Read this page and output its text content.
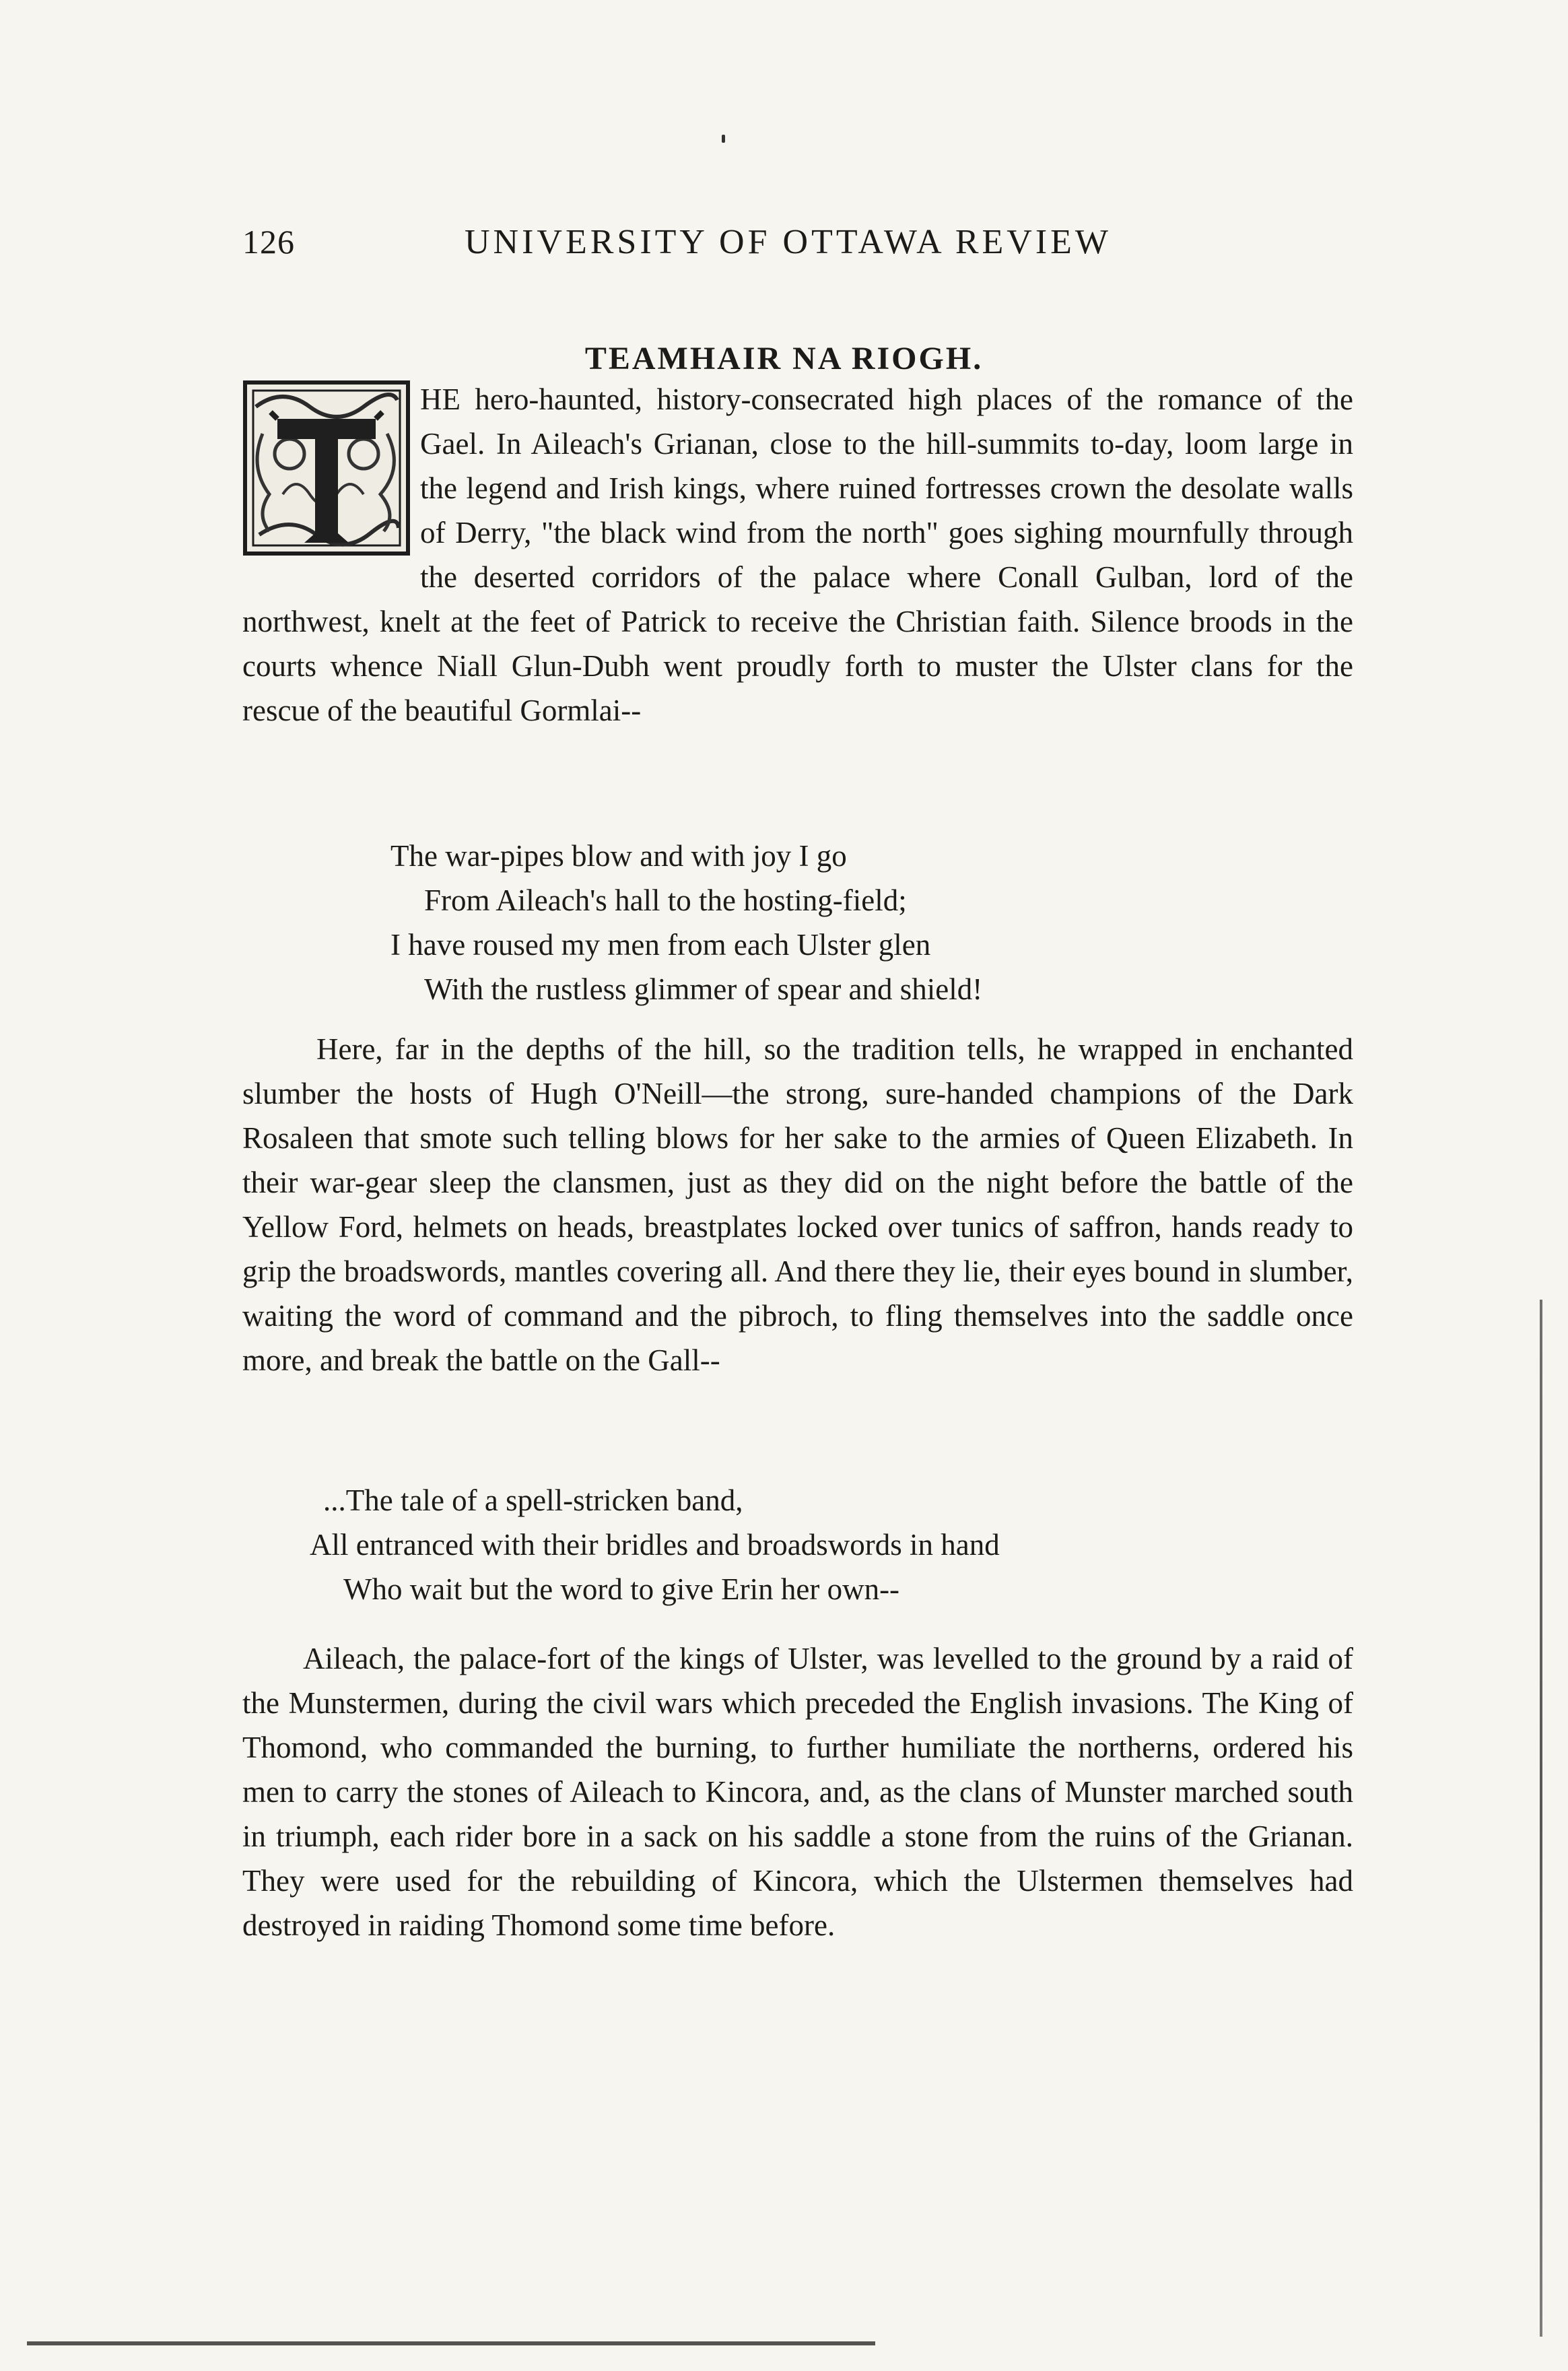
126	UNIVERSITY OF OTTAWA REVIEW
TEAMHAIR NA RIOGH.
HE hero-haunted, history-consecrated high places of the romance of the Gael. In Aileach's Grianan, close to the hill-summits to-day, loom large in the legend and Irish kings, where ruined fortresses crown the desolate walls of Derry, "the black wind from the north" goes sighing mournfully through the deserted corridors of the palace where Conall Gulban, lord of the northwest, knelt at the feet of Patrick to receive the Christian faith. Silence broods in the courts whence Niall Glun-Dubh went proudly forth to muster the Ulster clans for the rescue of the beautiful Gormlai--
The war-pipes blow and with joy I go
From Aileach's hall to the hosting-field;
I have roused my men from each Ulster glen
With the rustless glimmer of spear and shield!
Here, far in the depths of the hill, so the tradition tells, he wrapped in enchanted slumber the hosts of Hugh O'Neill—the strong, sure-handed champions of the Dark Rosaleen that smote such telling blows for her sake to the armies of Queen Elizabeth. In their war-gear sleep the clansmen, just as they did on the night before the battle of the Yellow Ford, helmets on heads, breastplates locked over tunics of saffron, hands ready to grip the broadswords, mantles covering all. And there they lie, their eyes bound in slumber, waiting the word of command and the pibroch, to fling themselves into the saddle once more, and break the battle on the Gall--
...The tale of a spell-stricken band,
All entranced with their bridles and broadswords in hand
Who wait but the word to give Erin her own--
Aileach, the palace-fort of the kings of Ulster, was levelled to the ground by a raid of the Munstermen, during the civil wars which preceded the English invasions. The King of Thomond, who commanded the burning, to further humiliate the northerns, ordered his men to carry the stones of Aileach to Kincora, and, as the clans of Munster marched south in triumph, each rider bore in a sack on his saddle a stone from the ruins of the Grianan. They were used for the rebuilding of Kincora, which the Ulstermen themselves had destroyed in raiding Thomond some time before.
